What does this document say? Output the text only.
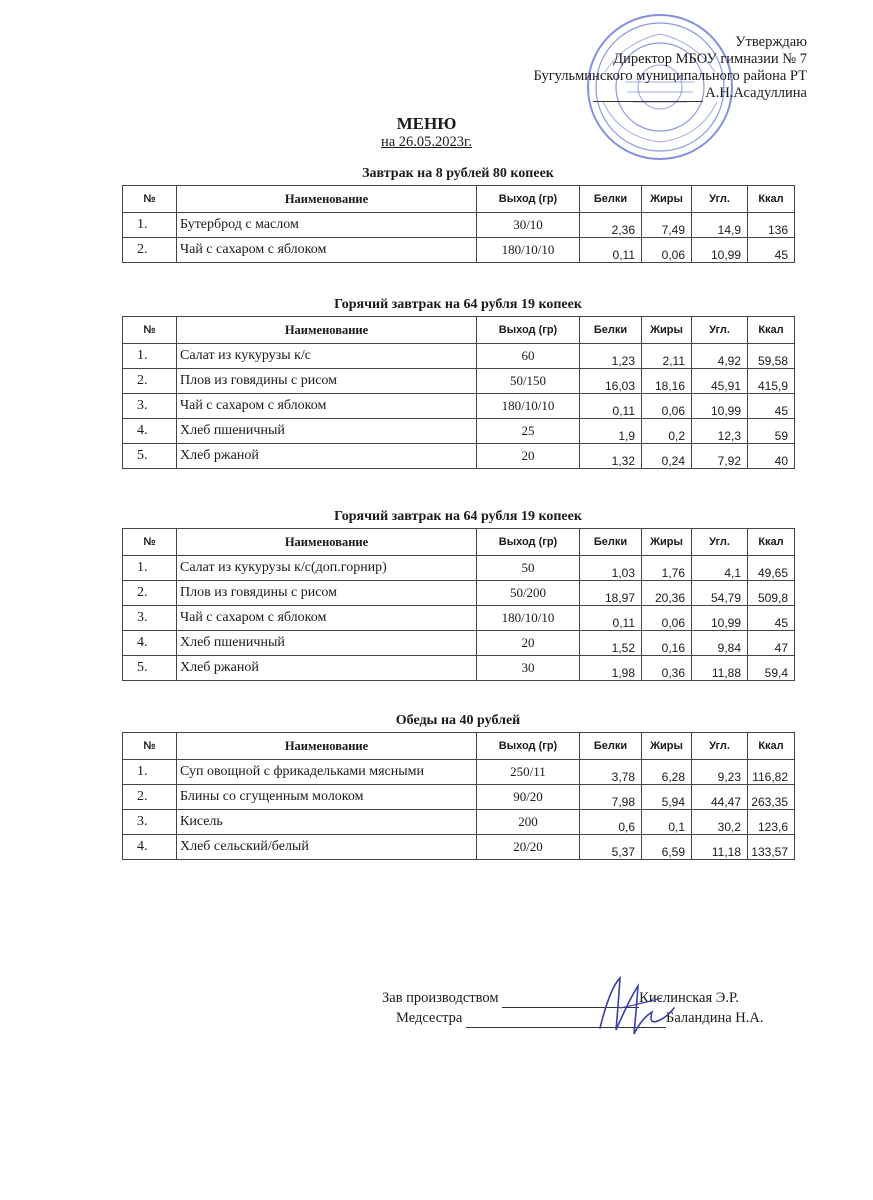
Утверждаю
Директор МБОУ гимназии № 7
Бугульминского муниципального района РТ
А.Н.Асадуллина
МЕНЮ
на 26.05.2023г.
Завтрак на 8 рублей 80 копеек
№	Наименование	Выход (гр)	Белки	Жиры	Угл.	Ккал
1.	Бутерброд с маслом	30/10	2,36	7,49	14,9	136
2.	Чай с сахаром с яблоком	180/10/10	0,11	0,06	10,99	45
Горячий завтрак на 64 рубля 19 копеек
№	Наименование	Выход (гр)	Белки	Жиры	Угл.	Ккал
1.	Салат из кукурузы к/с	60	1,23	2,11	4,92	59,58
2.	Плов из говядины с рисом	50/150	16,03	18,16	45,91	415,9
3.	Чай с сахаром с яблоком	180/10/10	0,11	0,06	10,99	45
4.	Хлеб пшеничный	25	1,9	0,2	12,3	59
5.	Хлеб ржаной	20	1,32	0,24	7,92	40
Горячий завтрак на 64 рубля 19 копеек
№	Наименование	Выход (гр)	Белки	Жиры	Угл.	Ккал
1.	Салат из кукурузы к/с(доп.горнир)	50	1,03	1,76	4,1	49,65
2.	Плов из говядины с рисом	50/200	18,97	20,36	54,79	509,8
3.	Чай с сахаром с яблоком	180/10/10	0,11	0,06	10,99	45
4.	Хлеб пшеничный	20	1,52	0,16	9,84	47
5.	Хлеб ржаной	30	1,98	0,36	11,88	59,4
Обеды на 40 рублей
№	Наименование	Выход (гр)	Белки	Жиры	Угл.	Ккал
1.	Суп овощной с фрикадельками мясными	250/11	3,78	6,28	9,23	116,82
2.	Блины со сгущенным молоком	90/20	7,98	5,94	44,47	263,35
3.	Кисель	200	0,6	0,1	30,2	123,6
4.	Хлеб сельский/белый	20/20	5,37	6,59	11,18	133,57
Зав производством	Кислинская Э.Р.
Медсестра	Баландина Н.А.
